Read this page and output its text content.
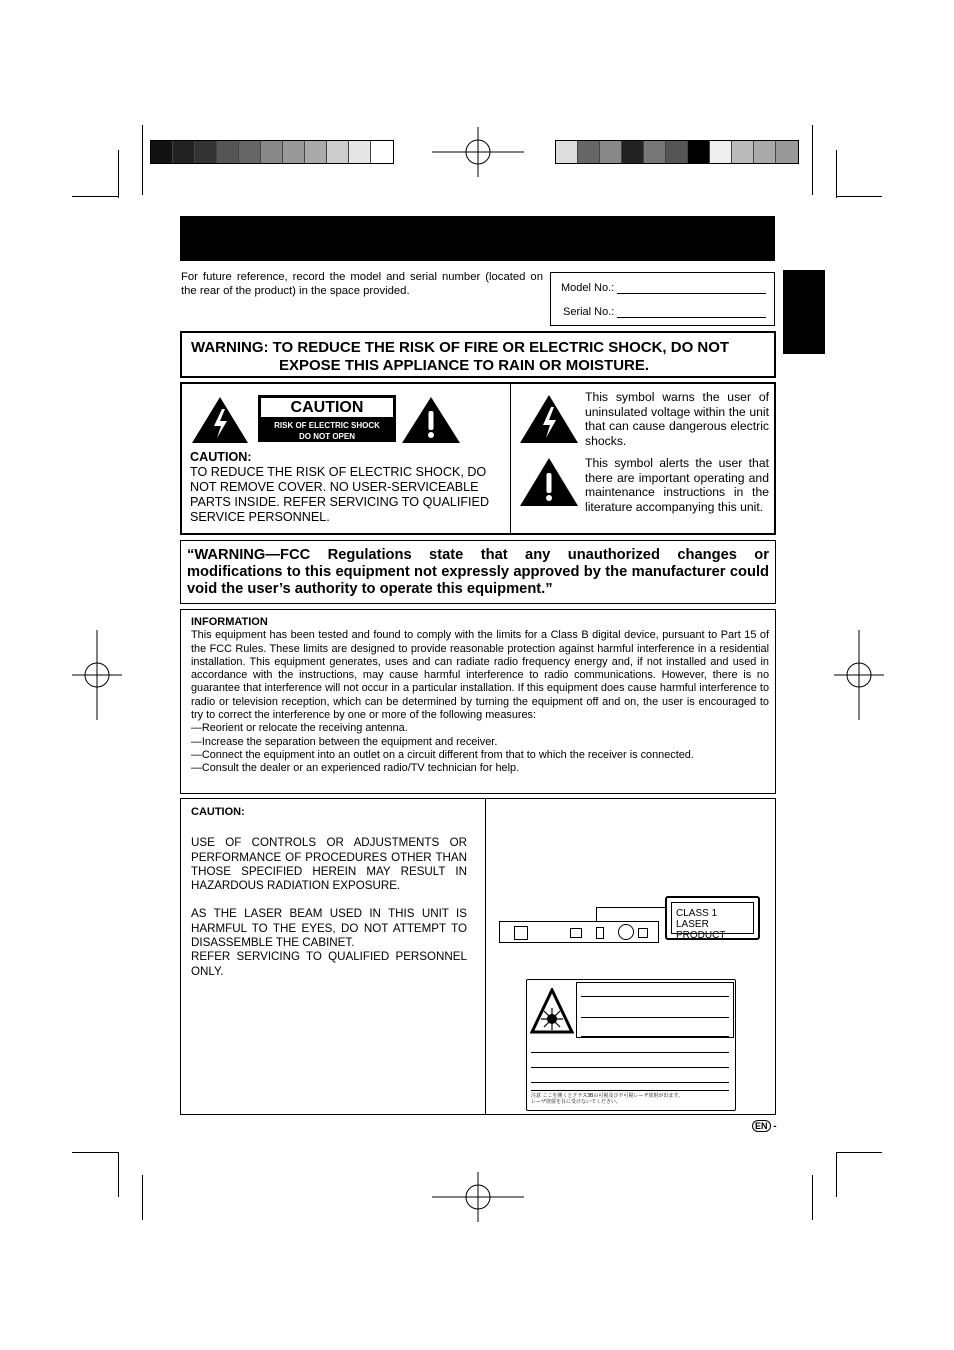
For future reference, record the model and serial number (located on the rear of the product) in the space provided.	Model No.:
Serial No.:
WARNING: TO REDUCE THE RISK OF FIRE OR ELECTRIC SHOCK, DO NOT
EXPOSE THIS APPLIANCE TO RAIN OR MOISTURE.
CAUTION
RISK OF ELECTRIC SHOCK
DO NOT OPEN
CAUTION:
TO REDUCE THE RISK OF ELECTRIC SHOCK, DO
NOT REMOVE COVER. NO USER-SERVICEABLE
PARTS INSIDE. REFER SERVICING TO QUALIFIED
SERVICE PERSONNEL.
This symbol warns the user of uninsulated voltage within the unit that can cause dangerous electric shocks.
This symbol alerts the user that there are important operating and maintenance instructions in the literature accompanying this unit.
“WARNING—FCC Regulations state that any unauthorized changes or modifications to this equipment not expressly approved by the manufacturer could void the user’s authority to operate this equipment.”
INFORMATION
This equipment has been tested and found to comply with the limits for a Class B digital device, pursuant to Part 15 of the FCC Rules. These limits are designed to provide reasonable protection against harmful interference in a residential installation. This equipment generates, uses and can radiate radio frequency energy and, if not installed and used in accordance with the instructions, may cause harmful interference to radio communications. However, there is no guarantee that interference will not occur in a particular installation. If this equipment does cause harmful interference to radio or television reception, which can be determined by turning the equipment off and on, the user is encouraged to try to correct the interference by one or more of the following measures:
—Reorient or relocate the receiving antenna.
—Increase the separation between the equipment and receiver.
—Connect the equipment into an outlet on a circuit different from that to which the receiver is connected.
—Consult the dealer or an experienced radio/TV technician for help.
CAUTION:

USE OF CONTROLS OR ADJUSTMENTS OR PERFORMANCE OF PROCEDURES OTHER THAN THOSE SPECIFIED HEREIN MAY RESULT IN HAZARDOUS RADIATION EXPOSURE.

AS THE LASER BEAM USED IN THIS UNIT IS HARMFUL TO THE EYES, DO NOT ATTEMPT TO DISASSEMBLE THE CABINET.

REFER SERVICING TO QUALIFIED PERSONNEL ONLY.

CLASS 1
LASER PRODUCT
注意 ここを開くとクラス3Bの可視及び不可視レーザ放射が出ます。
レーザ放射を目に受けないでください。
EN -
